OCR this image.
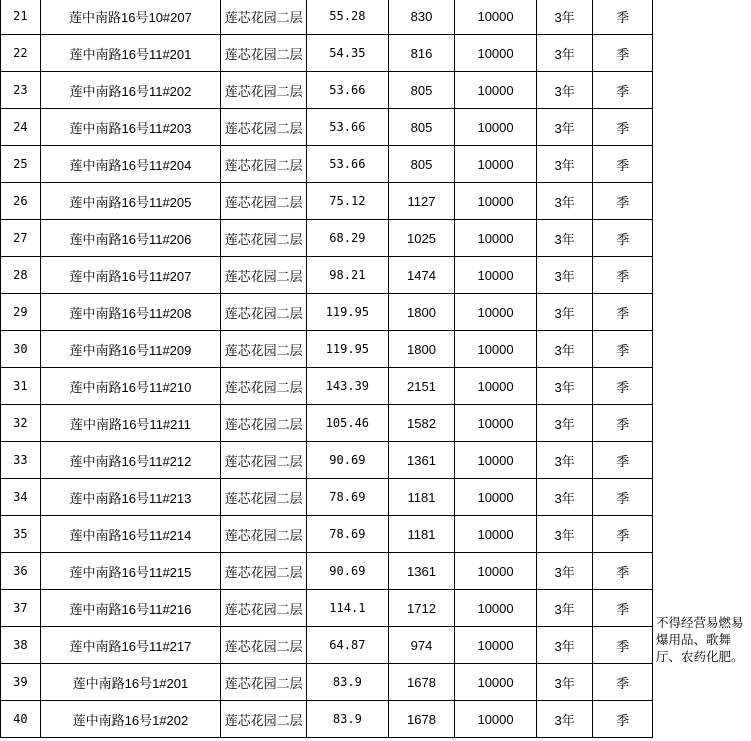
21	莲中南路16号10#207	莲芯花园二层	55.28	830	10000	3年	季	不得经营易燃易爆用品、歌舞厅、农药化肥。

22	莲中南路16号11#201	莲芯花园二层	54.35	816	10000	3年	季	
23	莲中南路16号11#202	莲芯花园二层	53.66	805	10000	3年	季	
24	莲中南路16号11#203	莲芯花园二层	53.66	805	10000	3年	季	
25	莲中南路16号11#204	莲芯花园二层	53.66	805	10000	3年	季	
26	莲中南路16号11#205	莲芯花园二层	75.12	1127	10000	3年	季	
27	莲中南路16号11#206	莲芯花园二层	68.29	1025	10000	3年	季	
28	莲中南路16号11#207	莲芯花园二层	98.21	1474	10000	3年	季	
29	莲中南路16号11#208	莲芯花园二层	119.95	1800	10000	3年	季	
30	莲中南路16号11#209	莲芯花园二层	119.95	1800	10000	3年	季	
31	莲中南路16号11#210	莲芯花园二层	143.39	2151	10000	3年	季	
32	莲中南路16号11#211	莲芯花园二层	105.46	1582	10000	3年	季	
33	莲中南路16号11#212	莲芯花园二层	90.69	1361	10000	3年	季	
34	莲中南路16号11#213	莲芯花园二层	78.69	1181	10000	3年	季	
35	莲中南路16号11#214	莲芯花园二层	78.69	1181	10000	3年	季	
36	莲中南路16号11#215	莲芯花园二层	90.69	1361	10000	3年	季	
37	莲中南路16号11#216	莲芯花园二层	114.1	1712	10000	3年	季	
38	莲中南路16号11#217	莲芯花园二层	64.87	974	10000	3年	季	
39	莲中南路16号1#201	莲芯花园二层	83.9	1678	10000	3年	季	
40	莲中南路16号1#202	莲芯花园二层	83.9	1678	10000	3年	季	
